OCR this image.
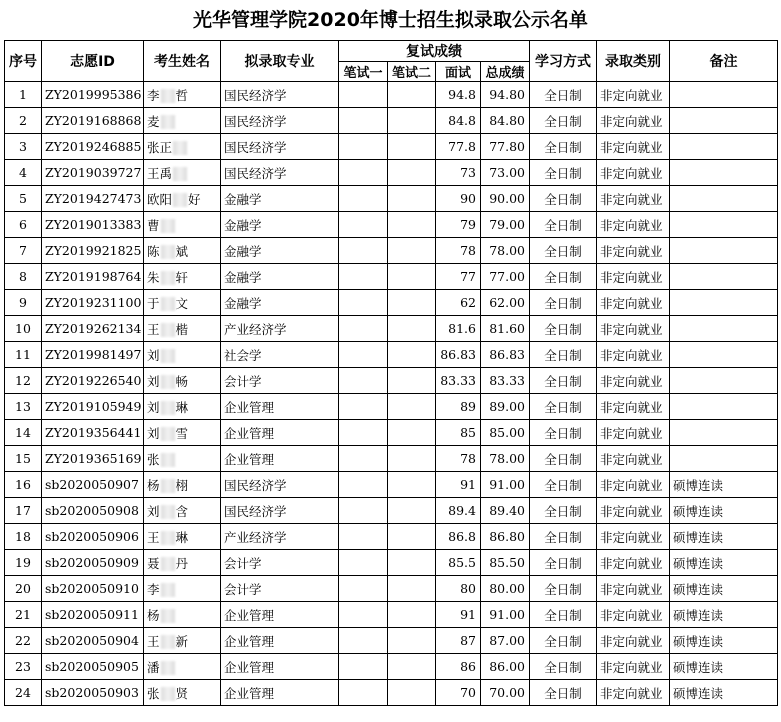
光华管理学院2020年博士招生拟录取公示名单
序号	志愿ID	考生姓名	拟录取专业	复试成绩				学习方式	录取类别	备注
				笔试一	笔试二	面试	总成绩			
1	ZY2019995386	李 哲	国民经济学			94.8	94.80	全日制	非定向就业	
2	ZY2019168868	麦	国民经济学			84.8	84.80	全日制	非定向就业	
3	ZY2019246885	张正	国民经济学			77.8	77.80	全日制	非定向就业	
4	ZY2019039727	王禹	国民经济学			73	73.00	全日制	非定向就业	
5	ZY2019427473	欧阳 好	金融学			90	90.00	全日制	非定向就业	
6	ZY2019013383	曹	金融学			79	79.00	全日制	非定向就业	
7	ZY2019921825	陈 斌	金融学			78	78.00	全日制	非定向就业	
8	ZY2019198764	朱 轩	金融学			77	77.00	全日制	非定向就业	
9	ZY2019231100	于 文	金融学			62	62.00	全日制	非定向就业	
10	ZY2019262134	王 楷	产业经济学			81.6	81.60	全日制	非定向就业	
11	ZY2019981497	刘	社会学			86.83	86.83	全日制	非定向就业	
12	ZY2019226540	刘 畅	会计学			83.33	83.33	全日制	非定向就业	
13	ZY2019105949	刘 琳	企业管理			89	89.00	全日制	非定向就业	
14	ZY2019356441	刘 雪	企业管理			85	85.00	全日制	非定向就业	
15	ZY2019365169	张	企业管理			78	78.00	全日制	非定向就业	
16	sb2020050907	杨 栩	国民经济学			91	91.00	全日制	非定向就业	硕博连读
17	sb2020050908	刘 含	国民经济学			89.4	89.40	全日制	非定向就业	硕博连读
18	sb2020050906	王 琳	产业经济学			86.8	86.80	全日制	非定向就业	硕博连读
19	sb2020050909	聂 丹	会计学			85.5	85.50	全日制	非定向就业	硕博连读
20	sb2020050910	李	会计学			80	80.00	全日制	非定向就业	硕博连读
21	sb2020050911	杨	企业管理			91	91.00	全日制	非定向就业	硕博连读
22	sb2020050904	王 新	企业管理			87	87.00	全日制	非定向就业	硕博连读
23	sb2020050905	潘	企业管理			86	86.00	全日制	非定向就业	硕博连读
24	sb2020050903	张 贤	企业管理			70	70.00	全日制	非定向就业	硕博连读
